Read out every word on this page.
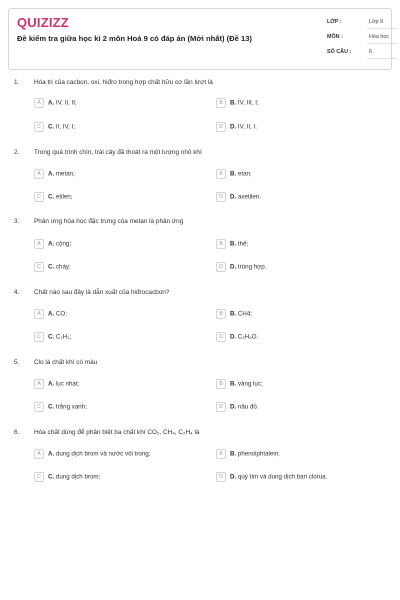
QUIZIZZ
Đề kiểm tra giữa học kì 2 môn Hoá 9 có đáp án (Mới nhất) (Đề 13)
LỚP :	Lớp 9
MÔN :	Hóa học
SỐ CÂU :	6
1. Hóa trị của cacbon, oxi, hiđro trong hợp chất hữu cơ lần lượt là
A A. IV, II, II;	B B. IV, III, I;
C C. II, IV, I;	D D. IV, II, I.
2. Trong quá trình chín, trái cây đã thoát ra một lượng nhỏ khí
A A. metan;	B B. etan;
C C. etilen;	D D. axetilen.
3. Phản ứng hóa học đặc trưng của metan là phản ứng
A A. cộng;	B B. thế;
C C. cháy;	D D. trùng hợp.
4. Chất nào sau đây là dẫn xuất của hiđrocacbon?
A A. CO;	B B. CH4;
C C. C₂H₂;	D D. C₂H₆O.
5. Clo là chất khí có màu
A A. lục nhạt;	B B. vàng lục;
C C. trắng xanh;	D D. nâu đỏ.
6. Hóa chất dùng để phân biệt ba chất khí CO₂, CH₄, C₂H₄ là
A A. dung dịch brom và nước vôi trong;	B B. phenolphtalein;
C C. dung dịch brom;	D D. quỳ tím và dung dịch bari clorua.
